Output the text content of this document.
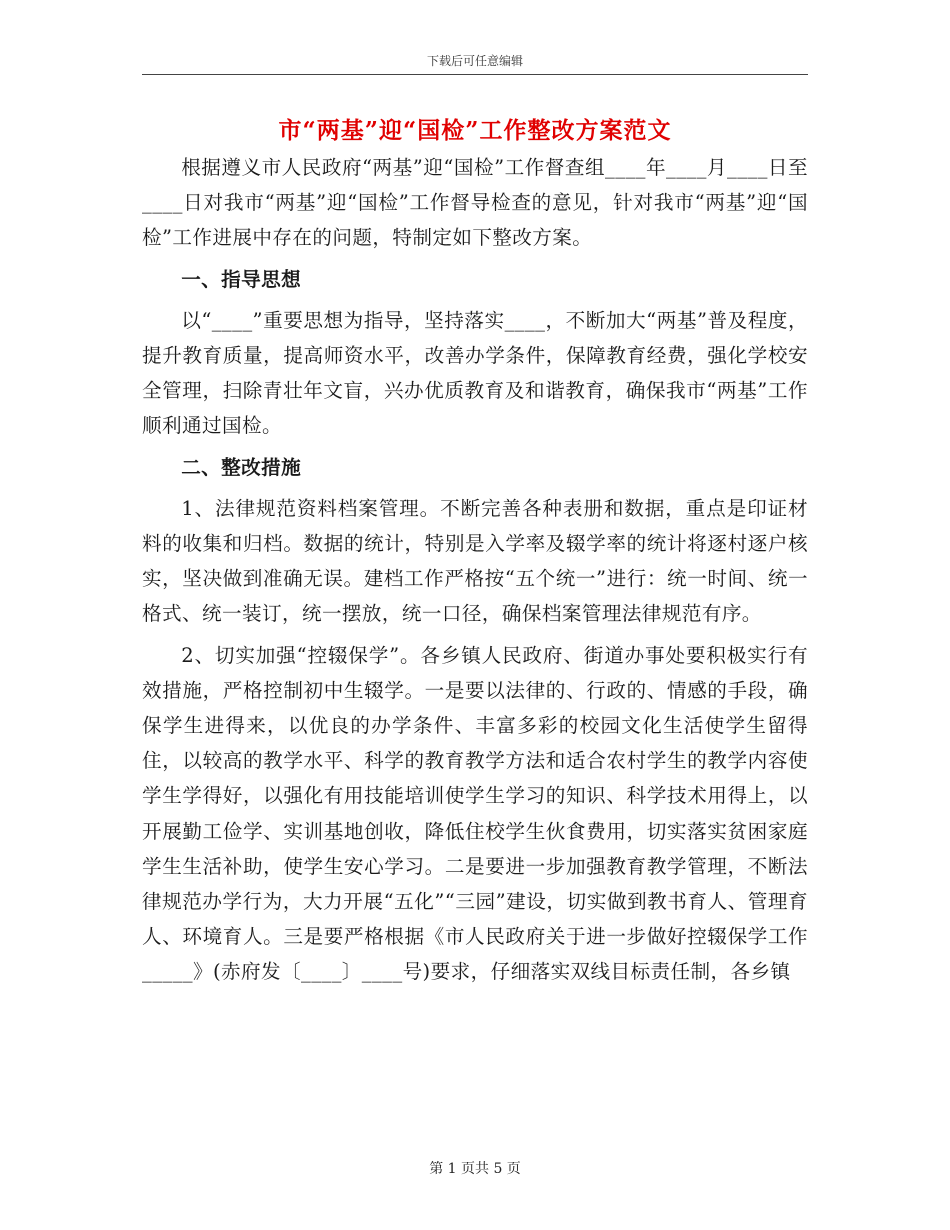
下载后可任意编辑
市“两基”迎“国检”工作整改方案范文

根据遵义市人民政府“两基”迎“国检”工作督查组____年____月____日至____日对我市“两基”迎“国检”工作督导检查的意见，针对我市“两基”迎“国检”工作进展中存在的问题，特制定如下整改方案。

一、指导思想

以“____”重要思想为指导，坚持落实____，不断加大“两基”普及程度，提升教育质量，提高师资水平，改善办学条件，保障教育经费，强化学校安全管理，扫除青壮年文盲，兴办优质教育及和谐教育，确保我市“两基”工作顺利通过国检。

二、整改措施

1、法律规范资料档案管理。不断完善各种表册和数据，重点是印证材料的收集和归档。数据的统计，特别是入学率及辍学率的统计将逐村逐户核实，坚决做到准确无误。建档工作严格按“五个统一”进行：统一时间、统一格式、统一装订，统一摆放，统一口径，确保档案管理法律规范有序。

2、切实加强“控辍保学”。各乡镇人民政府、街道办事处要积极实行有效措施，严格控制初中生辍学。一是要以法律的、行政的、情感的手段，确保学生进得来，以优良的办学条件、丰富多彩的校园文化生活使学生留得住，以较高的教学水平、科学的教育教学方法和适合农村学生的教学内容使学生学得好，以强化有用技能培训使学生学习的知识、科学技术用得上，以开展勤工俭学、实训基地创收，降低住校学生伙食费用，切实落实贫困家庭学生生活补助，使学生安心学习。二是要进一步加强教育教学管理，不断法律规范办学行为，大力开展“五化”“三园”建设，切实做到教书育人、管理育人、环境育人。三是要严格根据《市人民政府关于进一步做好控辍保学工作_____》(赤府发〔____〕____号)要求，仔细落实双线目标责任制，各乡镇

第 1 页共 5 页
